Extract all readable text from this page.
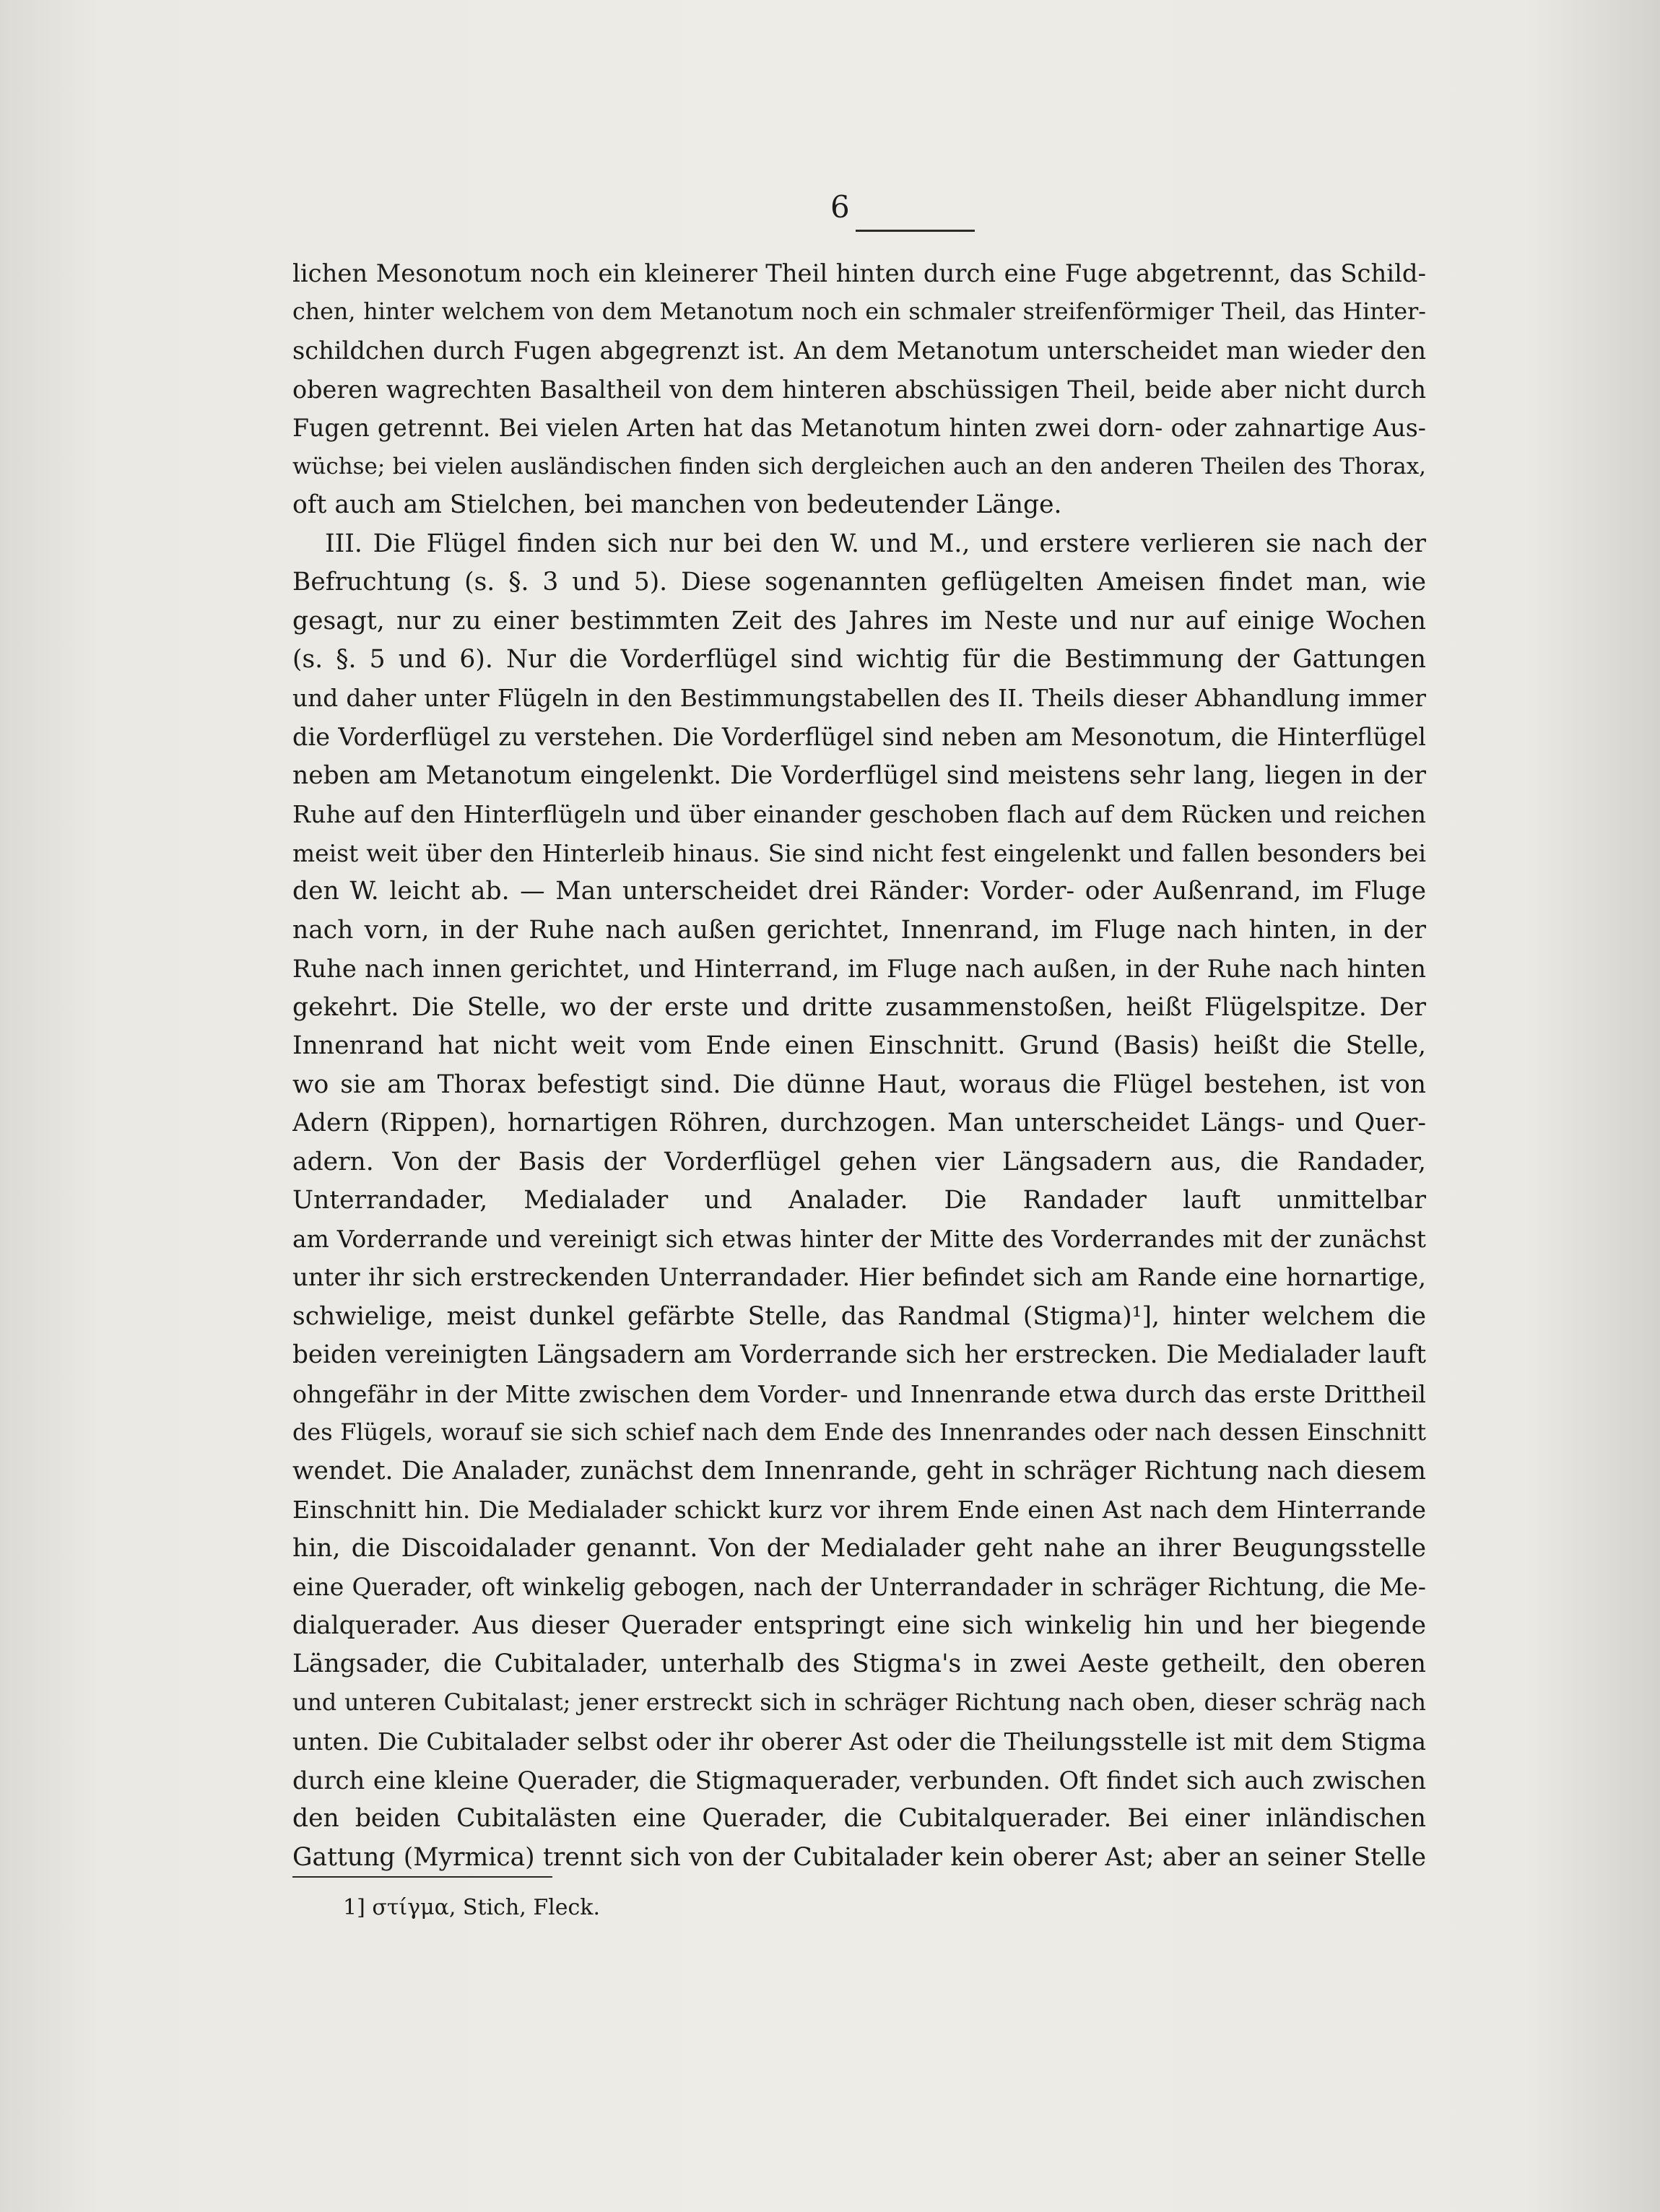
6
lichen Mesonotum noch ein kleinerer Theil hinten durch eine Fuge abgetrennt, das Schild-
chen, hinter welchem von dem Metanotum noch ein schmaler streifenförmiger Theil, das Hinter-
schildchen durch Fugen abgegrenzt ist. An dem Metanotum unterscheidet man wieder den
oberen wagrechten Basaltheil von dem hinteren abschüssigen Theil, beide aber nicht durch
Fugen getrennt. Bei vielen Arten hat das Metanotum hinten zwei dorn- oder zahnartige Aus-
wüchse; bei vielen ausländischen finden sich dergleichen auch an den anderen Theilen des Thorax,
oft auch am Stielchen, bei manchen von bedeutender Länge.
III. Die Flügel finden sich nur bei den W. und M., und erstere verlieren sie nach der
Befruchtung (s. §. 3 und 5). Diese sogenannten geflügelten Ameisen findet man, wie
gesagt, nur zu einer bestimmten Zeit des Jahres im Neste und nur auf einige Wochen
(s. §. 5 und 6). Nur die Vorderflügel sind wichtig für die Bestimmung der Gattungen
und daher unter Flügeln in den Bestimmungstabellen des II. Theils dieser Abhandlung immer
die Vorderflügel zu verstehen. Die Vorderflügel sind neben am Mesonotum, die Hinterflügel
neben am Metanotum eingelenkt. Die Vorderflügel sind meistens sehr lang, liegen in der
Ruhe auf den Hinterflügeln und über einander geschoben flach auf dem Rücken und reichen
meist weit über den Hinterleib hinaus. Sie sind nicht fest eingelenkt und fallen besonders bei
den W. leicht ab. — Man unterscheidet drei Ränder: Vorder- oder Außenrand, im Fluge
nach vorn, in der Ruhe nach außen gerichtet, Innenrand, im Fluge nach hinten, in der
Ruhe nach innen gerichtet, und Hinterrand, im Fluge nach außen, in der Ruhe nach hinten
gekehrt. Die Stelle, wo der erste und dritte zusammenstoßen, heißt Flügelspitze. Der
Innenrand hat nicht weit vom Ende einen Einschnitt. Grund (Basis) heißt die Stelle,
wo sie am Thorax befestigt sind. Die dünne Haut, woraus die Flügel bestehen, ist von
Adern (Rippen), hornartigen Röhren, durchzogen. Man unterscheidet Längs- und Quer-
adern. Von der Basis der Vorderflügel gehen vier Längsadern aus, die Randader,
Unterrandader, Medialader und Analader. Die Randader lauft unmittelbar
am Vorderrande und vereinigt sich etwas hinter der Mitte des Vorderrandes mit der zunächst
unter ihr sich erstreckenden Unterrandader. Hier befindet sich am Rande eine hornartige,
schwielige, meist dunkel gefärbte Stelle, das Randmal (Stigma)¹], hinter welchem die
beiden vereinigten Längsadern am Vorderrande sich her erstrecken. Die Medialader lauft
ohngefähr in der Mitte zwischen dem Vorder- und Innenrande etwa durch das erste Drittheil
des Flügels, worauf sie sich schief nach dem Ende des Innenrandes oder nach dessen Einschnitt
wendet. Die Analader, zunächst dem Innenrande, geht in schräger Richtung nach diesem
Einschnitt hin. Die Medialader schickt kurz vor ihrem Ende einen Ast nach dem Hinterrande
hin, die Discoidalader genannt. Von der Medialader geht nahe an ihrer Beugungsstelle
eine Querader, oft winkelig gebogen, nach der Unterrandader in schräger Richtung, die Me-
dialquerader. Aus dieser Querader entspringt eine sich winkelig hin und her biegende
Längsader, die Cubitalader, unterhalb des Stigma's in zwei Aeste getheilt, den oberen
und unteren Cubitalast; jener erstreckt sich in schräger Richtung nach oben, dieser schräg nach
unten. Die Cubitalader selbst oder ihr oberer Ast oder die Theilungsstelle ist mit dem Stigma
durch eine kleine Querader, die Stigmaquerader, verbunden. Oft findet sich auch zwischen
den beiden Cubitalästen eine Querader, die Cubitalquerader. Bei einer inländischen
Gattung (Myrmica) trennt sich von der Cubitalader kein oberer Ast; aber an seiner Stelle
1] στίγμα, Stich, Fleck.
